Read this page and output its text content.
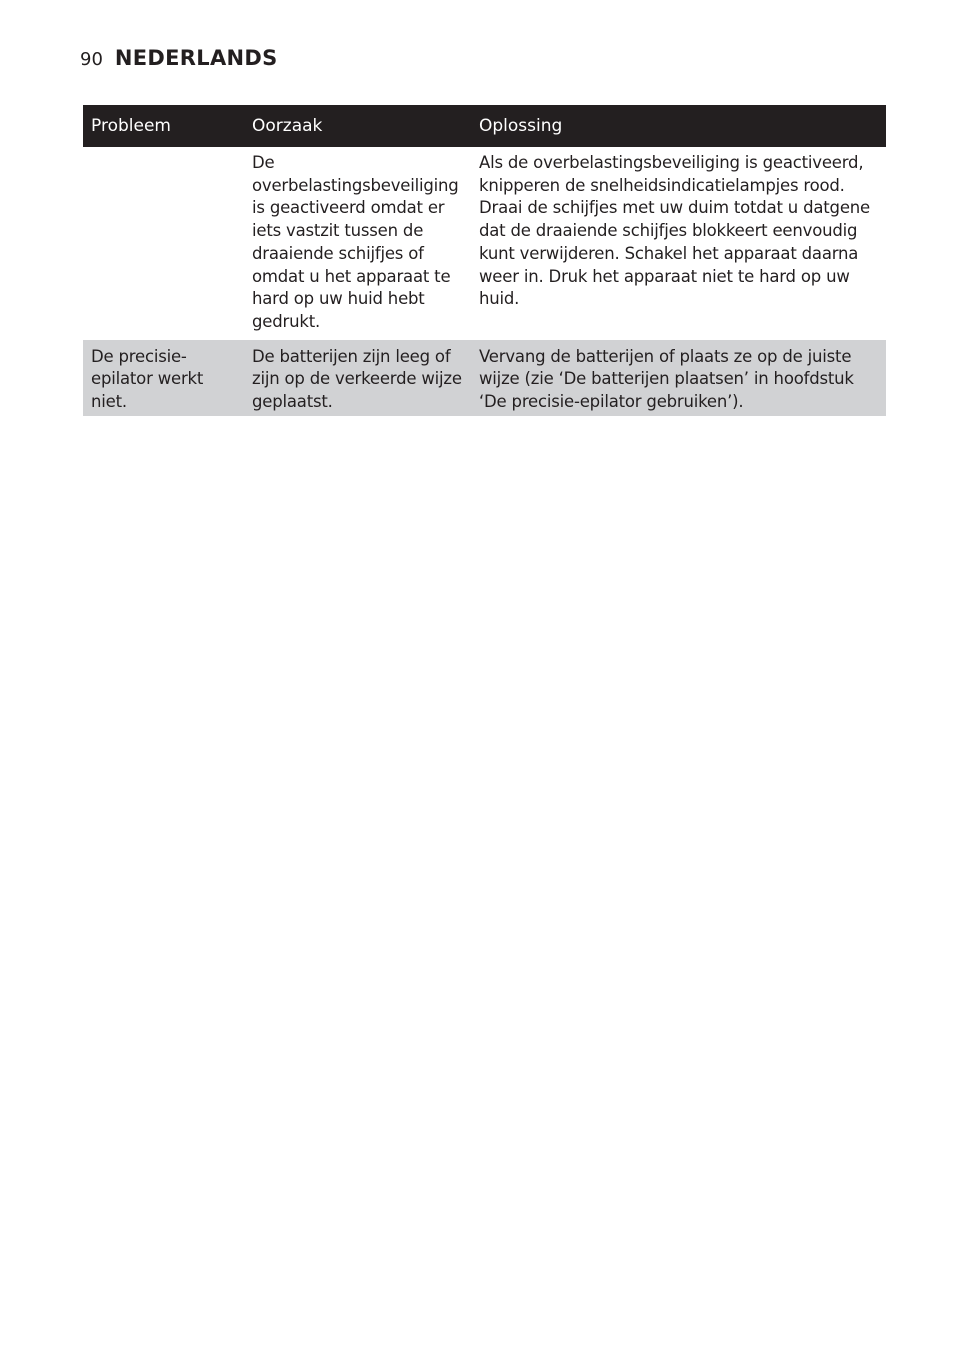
90 NEDERLANDS
Probleem	Oorzaak	Oplossing
	De overbelastingsbeveiliging is geactiveerd omdat er iets vastzit tussen de draaiende schijfjes of omdat u het apparaat te hard op uw huid hebt gedrukt.	Als de overbelastingsbeveiliging is geactiveerd, knipperen de snelheidsindicatielampjes rood. Draai de schijfjes met uw duim totdat u datgene dat de draaiende schijfjes blokkeert eenvoudig kunt verwijderen. Schakel het apparaat daarna weer in. Druk het apparaat niet te hard op uw huid.
De precisie-epilator werkt niet.	De batterijen zijn leeg of zijn op de verkeerde wijze geplaatst.	Vervang de batterijen of plaats ze op de juiste wijze (zie ‘De batterijen plaatsen’ in hoofdstuk ‘De precisie-epilator gebruiken’).
